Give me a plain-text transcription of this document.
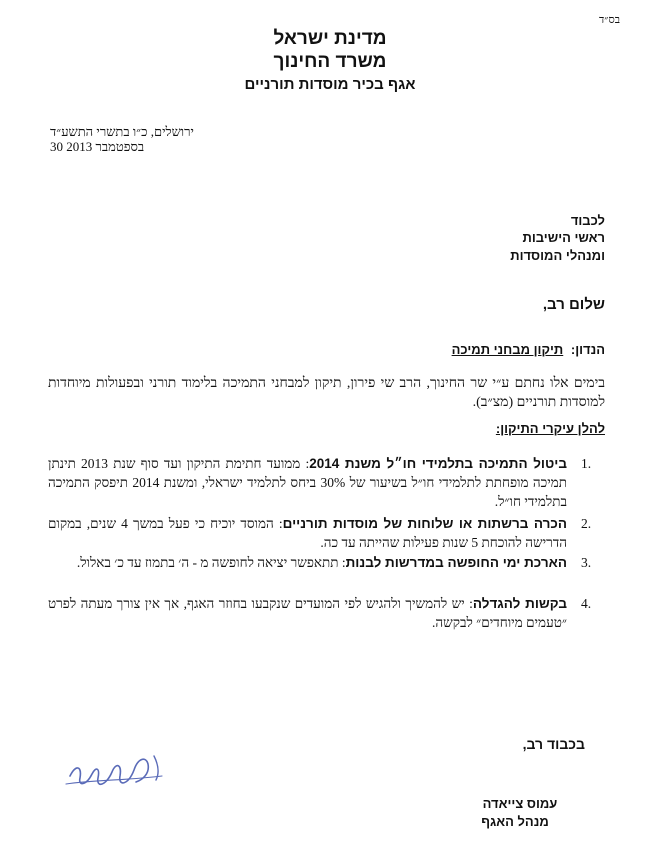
בס״ד
מדינת ישראל
משרד החינוך
אגף בכיר מוסדות תורניים
ירושלים, כ״ו בתשרי התשע״ד
30 בספטמבר 2013
לכבוד
ראשי הישיבות
ומנהלי המוסדות
שלום רב,
הנדון: תיקון מבחני תמיכה
בימים אלו נחתם ע״י שר החינוך, הרב שי פירון, תיקון למבחני התמיכה בלימוד תורני ובפעולות מיוחדות למוסדות תורניים (מצ״ב).
להלן עיקרי התיקון:
1.
ביטול התמיכה בתלמידי חו״ל משנת 2014: ממועד חתימת התיקון ועד סוף שנת 2013 תינתן תמיכה מופחתת לתלמידי חו״ל בשיעור של 30% ביחס לתלמיד ישראלי, ומשנת 2014 תיפסק התמיכה בתלמידי חו״ל.
2.
הכרה ברשתות או שלוחות של מוסדות תורניים: המוסד יוכיח כי פעל במשך 4 שנים, במקום הדרישה להוכחת 5 שנות פעילות שהייתה עד כה.
3.
הארכת ימי החופשה במדרשות לבנות: תתאפשר יציאה לחופשה מ - ה׳ בתמוז עד כ׳ באלול.
4.
בקשות להגדלה: יש להמשיך ולהגיש לפי המועדים שנקבעו בחוזר האגף, אך אין צורך מעתה לפרט ״טעמים מיוחדים״ לבקשה.
בכבוד רב,
עמוס צייאדה
מנהל האגף
